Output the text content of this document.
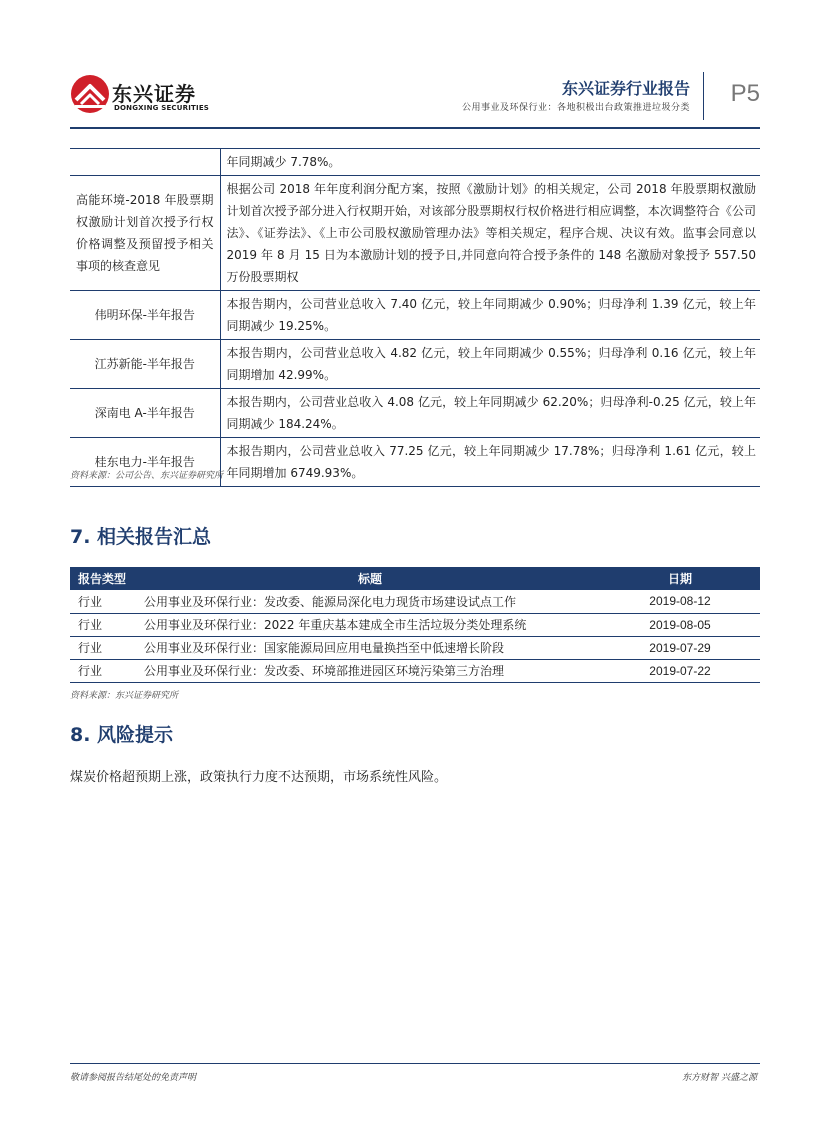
东兴证券
DONGXING SECURITIES
东兴证券行业报告
公用事业及环保行业：各地积极出台政策推进垃圾分类
P5
	年同期减少 7.78%。
高能环境-2018 年股票期权激励计划首次授予行权价格调整及预留授予相关事项的核查意见	根据公司 2018 年年度利润分配方案，按照《激励计划》的相关规定，公司 2018 年股票期权激励计划首次授予部分进入行权期开始，对该部分股票期权行权价格进行相应调整，本次调整符合《公司法》、《证券法》、《上市公司股权激励管理办法》等相关规定，程序合规、决议有效。监事会同意以 2019 年 8 月 15 日为本激励计划的授予日,并同意向符合授予条件的 148 名激励对象授予 557.50 万份股票期权
伟明环保-半年报告	本报告期内，公司营业总收入 7.40 亿元，较上年同期减少 0.90%；归母净利 1.39 亿元，较上年同期减少 19.25%。
江苏新能-半年报告	本报告期内，公司营业总收入 4.82 亿元，较上年同期减少 0.55%；归母净利 0.16 亿元，较上年同期增加 42.99%。
深南电 A-半年报告	本报告期内，公司营业总收入 4.08 亿元，较上年同期减少 62.20%；归母净利-0.25 亿元，较上年同期减少 184.24%。
桂东电力-半年报告	本报告期内，公司营业总收入 77.25 亿元，较上年同期减少 17.78%；归母净利 1.61 亿元，较上年同期增加 6749.93%。
资料来源：公司公告、东兴证券研究所
7. 相关报告汇总
报告类型	标题	日期
行业	公用事业及环保行业：发改委、能源局深化电力现货市场建设试点工作	2019-08-12
行业	公用事业及环保行业：2022 年重庆基本建成全市生活垃圾分类处理系统	2019-08-05
行业	公用事业及环保行业：国家能源局回应用电量换挡至中低速增长阶段	2019-07-29
行业	公用事业及环保行业：发改委、环境部推进园区环境污染第三方治理	2019-07-22
资料来源：东兴证券研究所
8. 风险提示
煤炭价格超预期上涨，政策执行力度不达预期，市场系统性风险。
敬请参阅报告结尾处的免责声明	东方财智 兴盛之源
